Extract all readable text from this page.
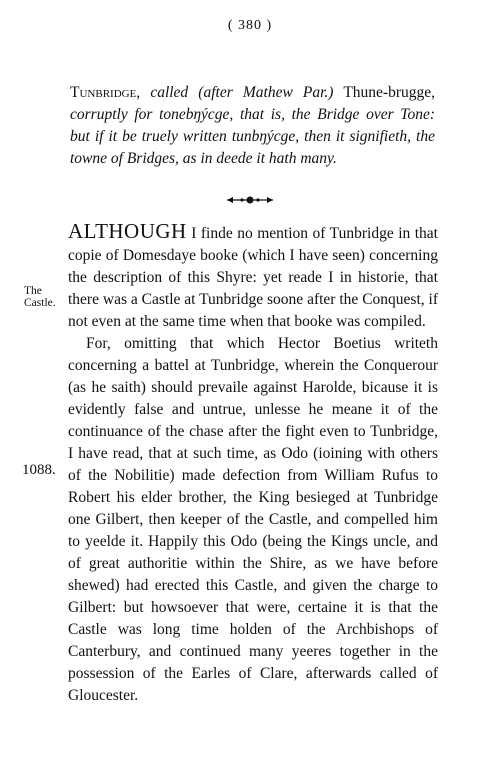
( 380 )
Tunbridge, called (after Mathew Par.) Thune-brugge, corruptly for tonebŋýcge, that is, the Bridge over Tone: but if it be truely written tunbŋýcge, then it signifieth, the towne of Bridges, as in deede it hath many.
The Castle.
1088.

ALTHOUGH I finde no mention of Tunbridge in that copie of Domesdaye booke (which I have seen) concerning the description of this Shyre: yet reade I in historie, that there was a Castle at Tunbridge soone after the Conquest, if not even at the same time when that booke was compiled.

For, omitting that which Hector Boetius writeth concerning a battel at Tunbridge, wherein the Conquerour (as he saith) should prevaile against Harolde, bicause it is evidently false and untrue, unlesse he meane it of the continuance of the chase after the fight even to Tunbridge, I have read, that at such time, as Odo (ioining with others of the Nobilitie) made defection from William Rufus to Robert his elder brother, the King besieged at Tunbridge one Gilbert, then keeper of the Castle, and compelled him to yeelde it. Happily this Odo (being the Kings uncle, and of great authoritie within the Shire, as we have before shewed) had erected this Castle, and given the charge to Gilbert: but howsoever that were, certaine it is that the Castle was long time holden of the Archbishops of Canterbury, and continued many yeeres together in the possession of the Earles of Clare, afterwards called of Gloucester.
